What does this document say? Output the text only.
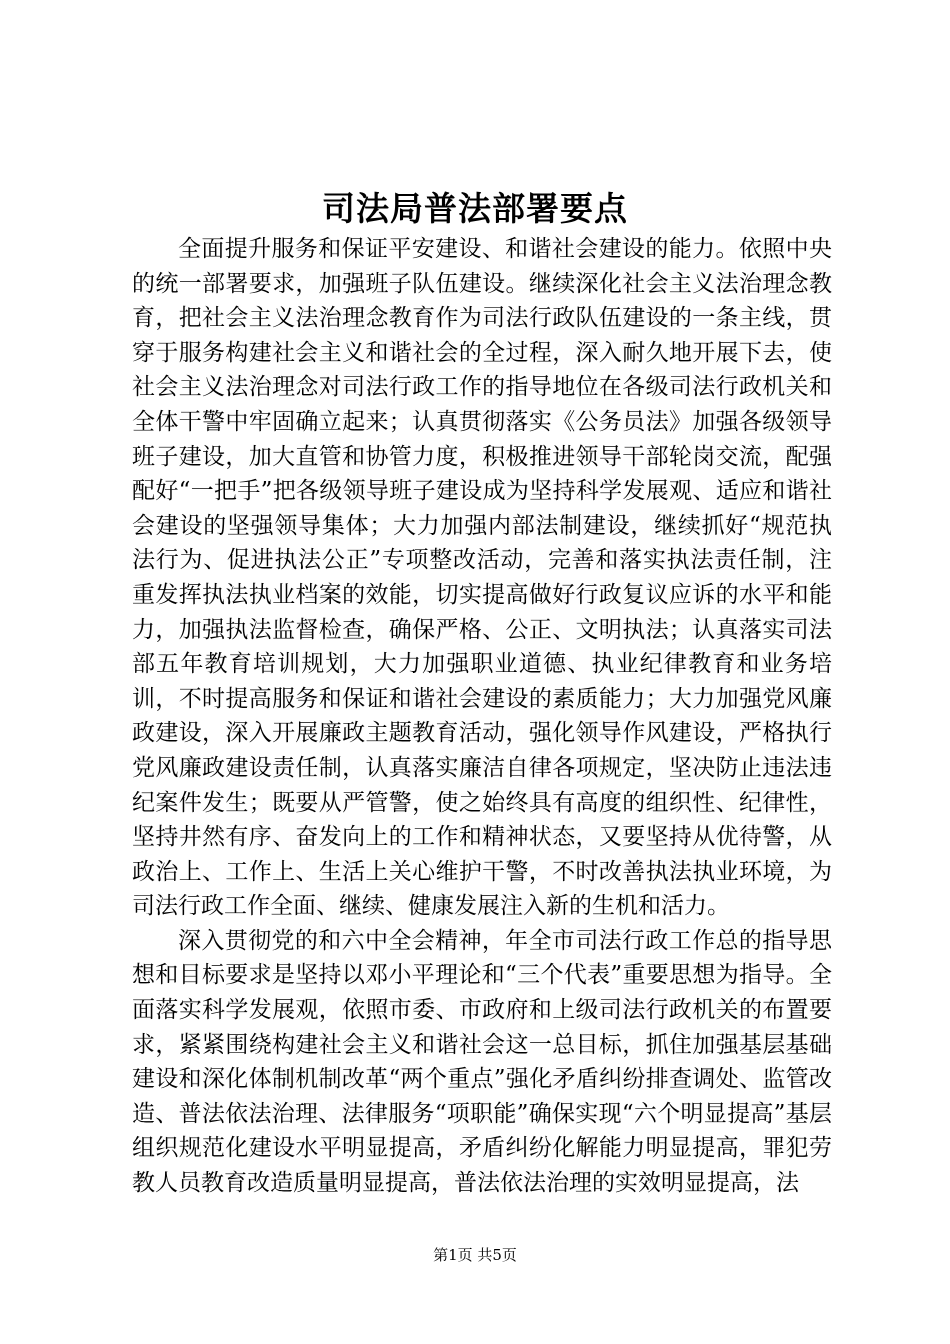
司法局普法部署要点

全面提升服务和保证平安建设、和谐社会建设的能力。依照中央的统一部署要求，加强班子队伍建设。继续深化社会主义法治理念教育，把社会主义法治理念教育作为司法行政队伍建设的一条主线，贯穿于服务构建社会主义和谐社会的全过程，深入耐久地开展下去，使社会主义法治理念对司法行政工作的指导地位在各级司法行政机关和全体干警中牢固确立起来；认真贯彻落实《公务员法》加强各级领导班子建设，加大直管和协管力度，积极推进领导干部轮岗交流，配强配好“一把手”把各级领导班子建设成为坚持科学发展观、适应和谐社会建设的坚强领导集体；大力加强内部法制建设，继续抓好“规范执法行为、促进执法公正”专项整改活动，完善和落实执法责任制，注重发挥执法执业档案的效能，切实提高做好行政复议应诉的水平和能力，加强执法监督检查，确保严格、公正、文明执法；认真落实司法部五年教育培训规划，大力加强职业道德、执业纪律教育和业务培训，不时提高服务和保证和谐社会建设的素质能力；大力加强党风廉政建设，深入开展廉政主题教育活动，强化领导作风建设，严格执行党风廉政建设责任制，认真落实廉洁自律各项规定，坚决防止违法违纪案件发生；既要从严管警，使之始终具有高度的组织性、纪律性，坚持井然有序、奋发向上的工作和精神状态，又要坚持从优待警，从政治上、工作上、生活上关心维护干警，不时改善执法执业环境，为司法行政工作全面、继续、健康发展注入新的生机和活力。

深入贯彻党的和六中全会精神，年全市司法行政工作总的指导思想和目标要求是坚持以邓小平理论和“三个代表”重要思想为指导。全面落实科学发展观，依照市委、市政府和上级司法行政机关的布置要求，紧紧围绕构建社会主义和谐社会这一总目标，抓住加强基层基础建设和深化体制机制改革“两个重点”强化矛盾纠纷排查调处、监管改造、普法依法治理、法律服务“项职能”确保实现“六个明显提高”基层组织规范化建设水平明显提高，矛盾纠纷化解能力明显提高，罪犯劳教人员教育改造质量明显提高，普法依法治理的实效明显提高，法

第1页 共5页
